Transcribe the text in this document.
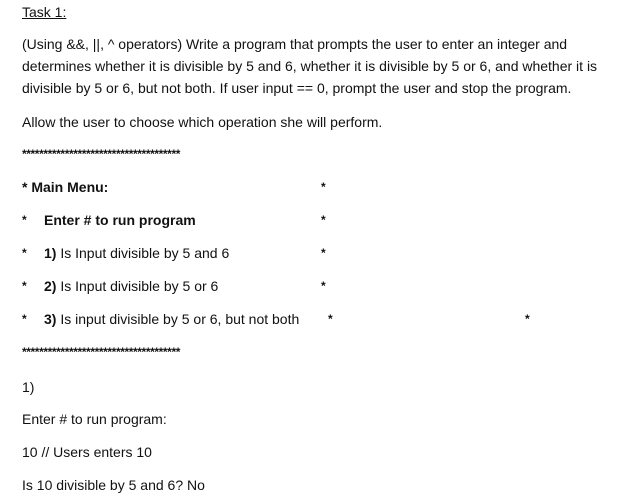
Task 1:
(Using &&, ||, ^ operators) Write a program that prompts the user to enter an integer and determines whether it is divisible by 5 and 6, whether it is divisible by 5 or 6, and whether it is divisible by 5 or 6, but not both. If user input == 0, prompt the user and stop the program.
Allow the user to choose which operation she will perform.
*************************************
* Main Menu:	*
* Enter # to run program	*
* 1) Is Input divisible by 5 and 6	*
* 2) Is Input divisible by 5 or 6	*
* 3) Is input divisible by 5 or 6, but not both *	*
*************************************
1)
Enter # to run program:
10 // Users enters 10
Is 10 divisible by 5 and 6? No
